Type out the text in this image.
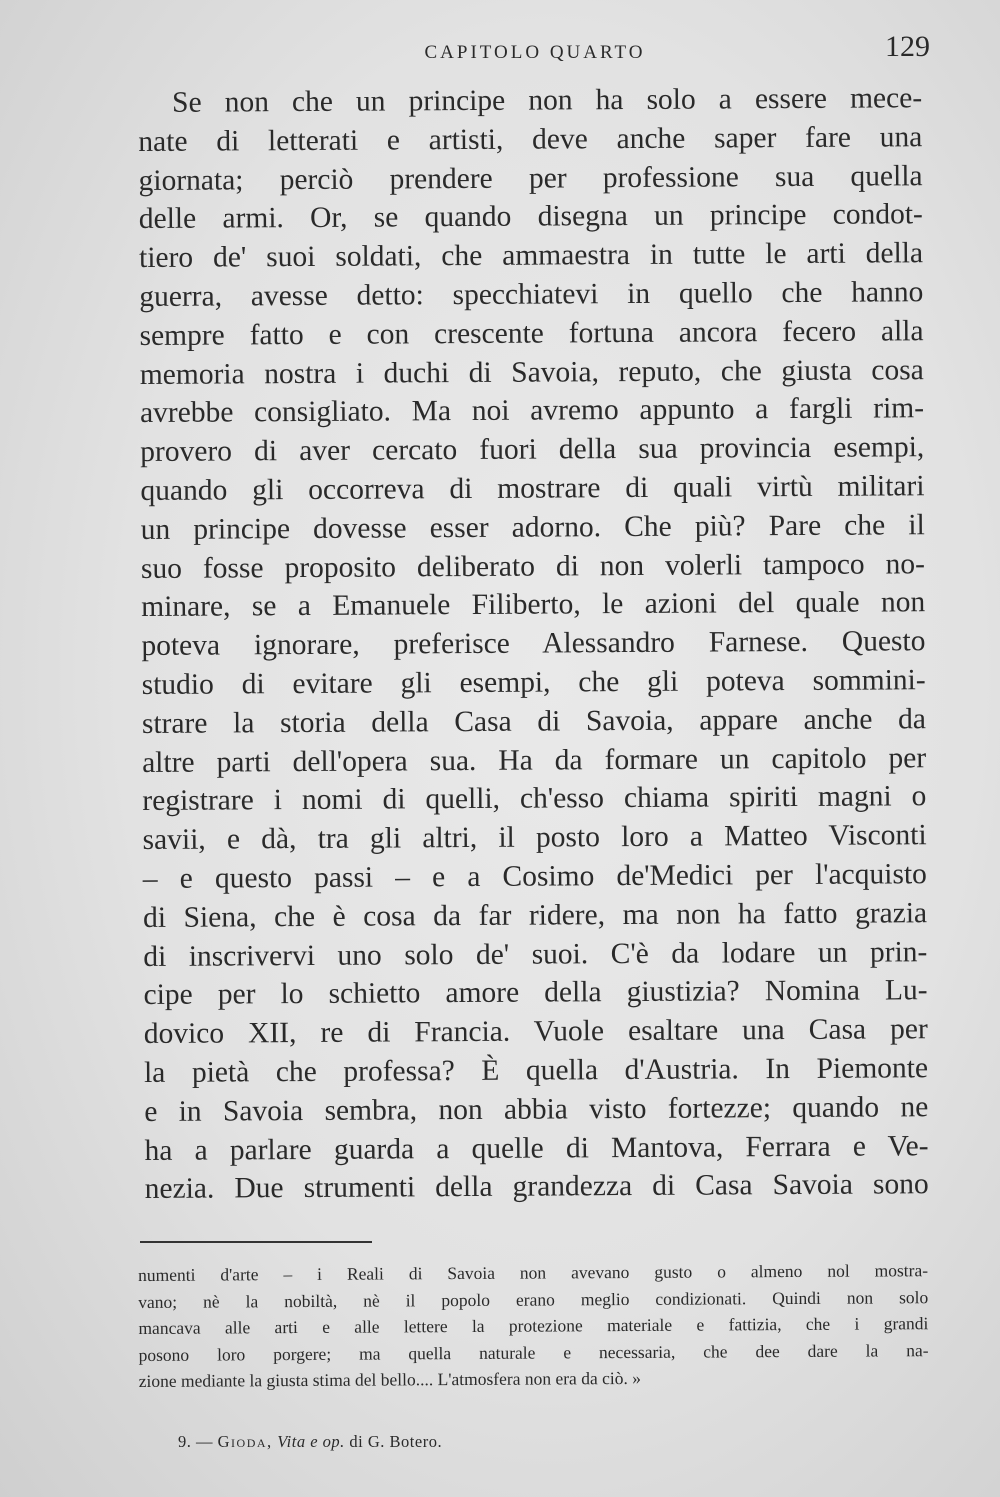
CAPITOLO QUARTO	129
Se non che un principe non ha solo a essere mece-
nate di letterati e artisti, deve anche saper fare una
giornata; perciò prendere per professione sua quella
delle armi. Or, se quando disegna un principe condot-
tiero de' suoi soldati, che ammaestra in tutte le arti della
guerra, avesse detto: specchiatevi in quello che hanno
sempre fatto e con crescente fortuna ancora fecero alla
memoria nostra i duchi di Savoia, reputo, che giusta cosa
avrebbe consigliato. Ma noi avremo appunto a fargli rim-
provero di aver cercato fuori della sua provincia esempi,
quando gli occorreva di mostrare di quali virtù militari
un principe dovesse esser adorno. Che più? Pare che il
suo fosse proposito deliberato di non volerli tampoco no-
minare, se a Emanuele Filiberto, le azioni del quale non
poteva ignorare, preferisce Alessandro Farnese. Questo
studio di evitare gli esempi, che gli poteva sommini-
strare la storia della Casa di Savoia, appare anche da
altre parti dell'opera sua. Ha da formare un capitolo per
registrare i nomi di quelli, ch'esso chiama spiriti magni o
savii, e dà, tra gli altri, il posto loro a Matteo Visconti
– e questo passi – e a Cosimo de'Medici per l'acquisto
di Siena, che è cosa da far ridere, ma non ha fatto grazia
di inscrivervi uno solo de' suoi. C'è da lodare un prin-
cipe per lo schietto amore della giustizia? Nomina Lu-
dovico XII, re di Francia. Vuole esaltare una Casa per
la pietà che professa? È quella d'Austria. In Piemonte
e in Savoia sembra, non abbia visto fortezze; quando ne
ha a parlare guarda a quelle di Mantova, Ferrara e Ve-
nezia. Due strumenti della grandezza di Casa Savoia sono
numenti d'arte – i Reali di Savoia non avevano gusto o almeno nol mostra-
vano; nè la nobiltà, nè il popolo erano meglio condizionati. Quindi non solo
mancava alle arti e alle lettere la protezione materiale e fattizia, che i grandi
posono loro porgere; ma quella naturale e necessaria, che dee dare la na-
zione mediante la giusta stima del bello.... L'atmosfera non era da ciò. »
9. — Gioda, Vita e op. di G. Botero.
